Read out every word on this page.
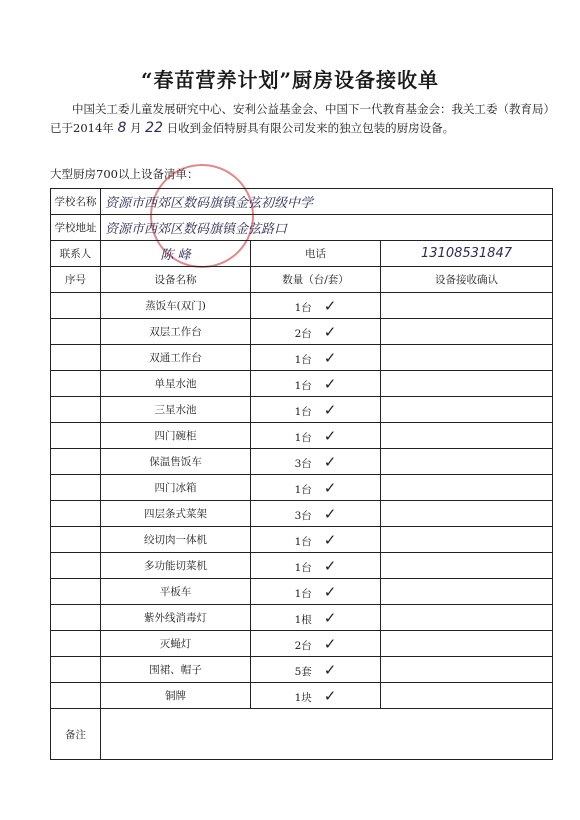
“春苗营养计划”厨房设备接收单
中国关工委儿童发展研究中心、安利公益基金会、中国下一代教育基金会：我关工委（教育局）已于2014年 8 月 22 日收到金佰特厨具有限公司发来的独立包装的厨房设备。
大型厨房700以上设备清单：
学校名称	资源市西郊区数码旗镇金弦初级中学		
学校地址	资源市西郊区数码旗镇金弦路口		
联系人	陈 峰	电话	13108531847
序号	设备名称	数量（台/套）	设备接收确认
	蒸饭车(双门)	1台 ✓	
	双层工作台	2台 ✓	
	双通工作台	1台 ✓	
	单星水池	1台 ✓	
	三星水池	1台 ✓	
	四门碗柜	1台 ✓	
	保温售饭车	3台 ✓	
	四门冰箱	1台 ✓	
	四层条式菜架	3台 ✓	
	绞切肉一体机	1台 ✓	
	多功能切菜机	1台 ✓	
	平板车	1台 ✓	
	紫外线消毒灯	1根 ✓	
	灭蝇灯	2台 ✓	
	围裙、帽子	5套 ✓	
	铜牌	1块 ✓	
备注			
